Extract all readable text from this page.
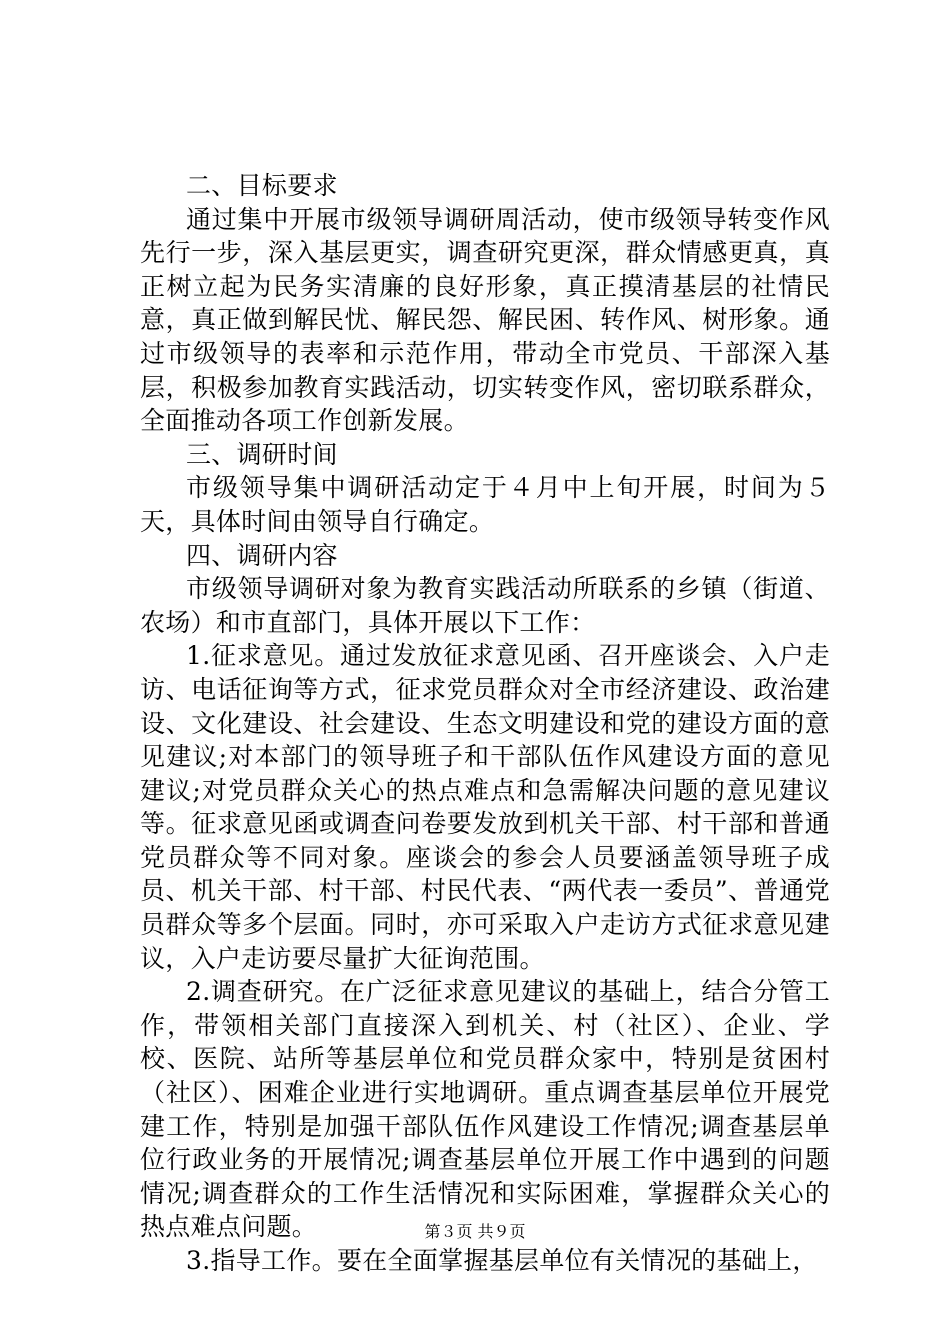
二、目标要求

通过集中开展市级领导调研周活动，使市级领导转变作风先行一步，深入基层更实，调查研究更深，群众情感更真，真正树立起为民务实清廉的良好形象，真正摸清基层的社情民意，真正做到解民忧、解民怨、解民困、转作风、树形象。通过市级领导的表率和示范作用，带动全市党员、干部深入基层，积极参加教育实践活动，切实转变作风，密切联系群众，全面推动各项工作创新发展。

三、调研时间

市级领导集中调研活动定于４月中上旬开展，时间为５天，具体时间由领导自行确定。

四、调研内容

市级领导调研对象为教育实践活动所联系的乡镇（街道、农场）和市直部门，具体开展以下工作：

1.征求意见。通过发放征求意见函、召开座谈会、入户走访、电话征询等方式，征求党员群众对全市经济建设、政治建设、文化建设、社会建设、生态文明建设和党的建设方面的意见建议;对本部门的领导班子和干部队伍作风建设方面的意见建议;对党员群众关心的热点难点和急需解决问题的意见建议等。征求意见函或调查问卷要发放到机关干部、村干部和普通党员群众等不同对象。座谈会的参会人员要涵盖领导班子成员、机关干部、村干部、村民代表、“两代表一委员”、普通党员群众等多个层面。同时，亦可采取入户走访方式征求意见建议，入户走访要尽量扩大征询范围。

2.调查研究。在广泛征求意见建议的基础上，结合分管工作，带领相关部门直接深入到机关、村（社区）、企业、学校、医院、站所等基层单位和党员群众家中，特别是贫困村（社区）、困难企业进行实地调研。重点调查基层单位开展党建工作，特别是加强干部队伍作风建设工作情况;调查基层单位行政业务的开展情况;调查基层单位开展工作中遇到的问题情况;调查群众的工作生活情况和实际困难，掌握群众关心的热点难点问题。

3.指导工作。要在全面掌握基层单位有关情况的基础上，

第３页 共９页
